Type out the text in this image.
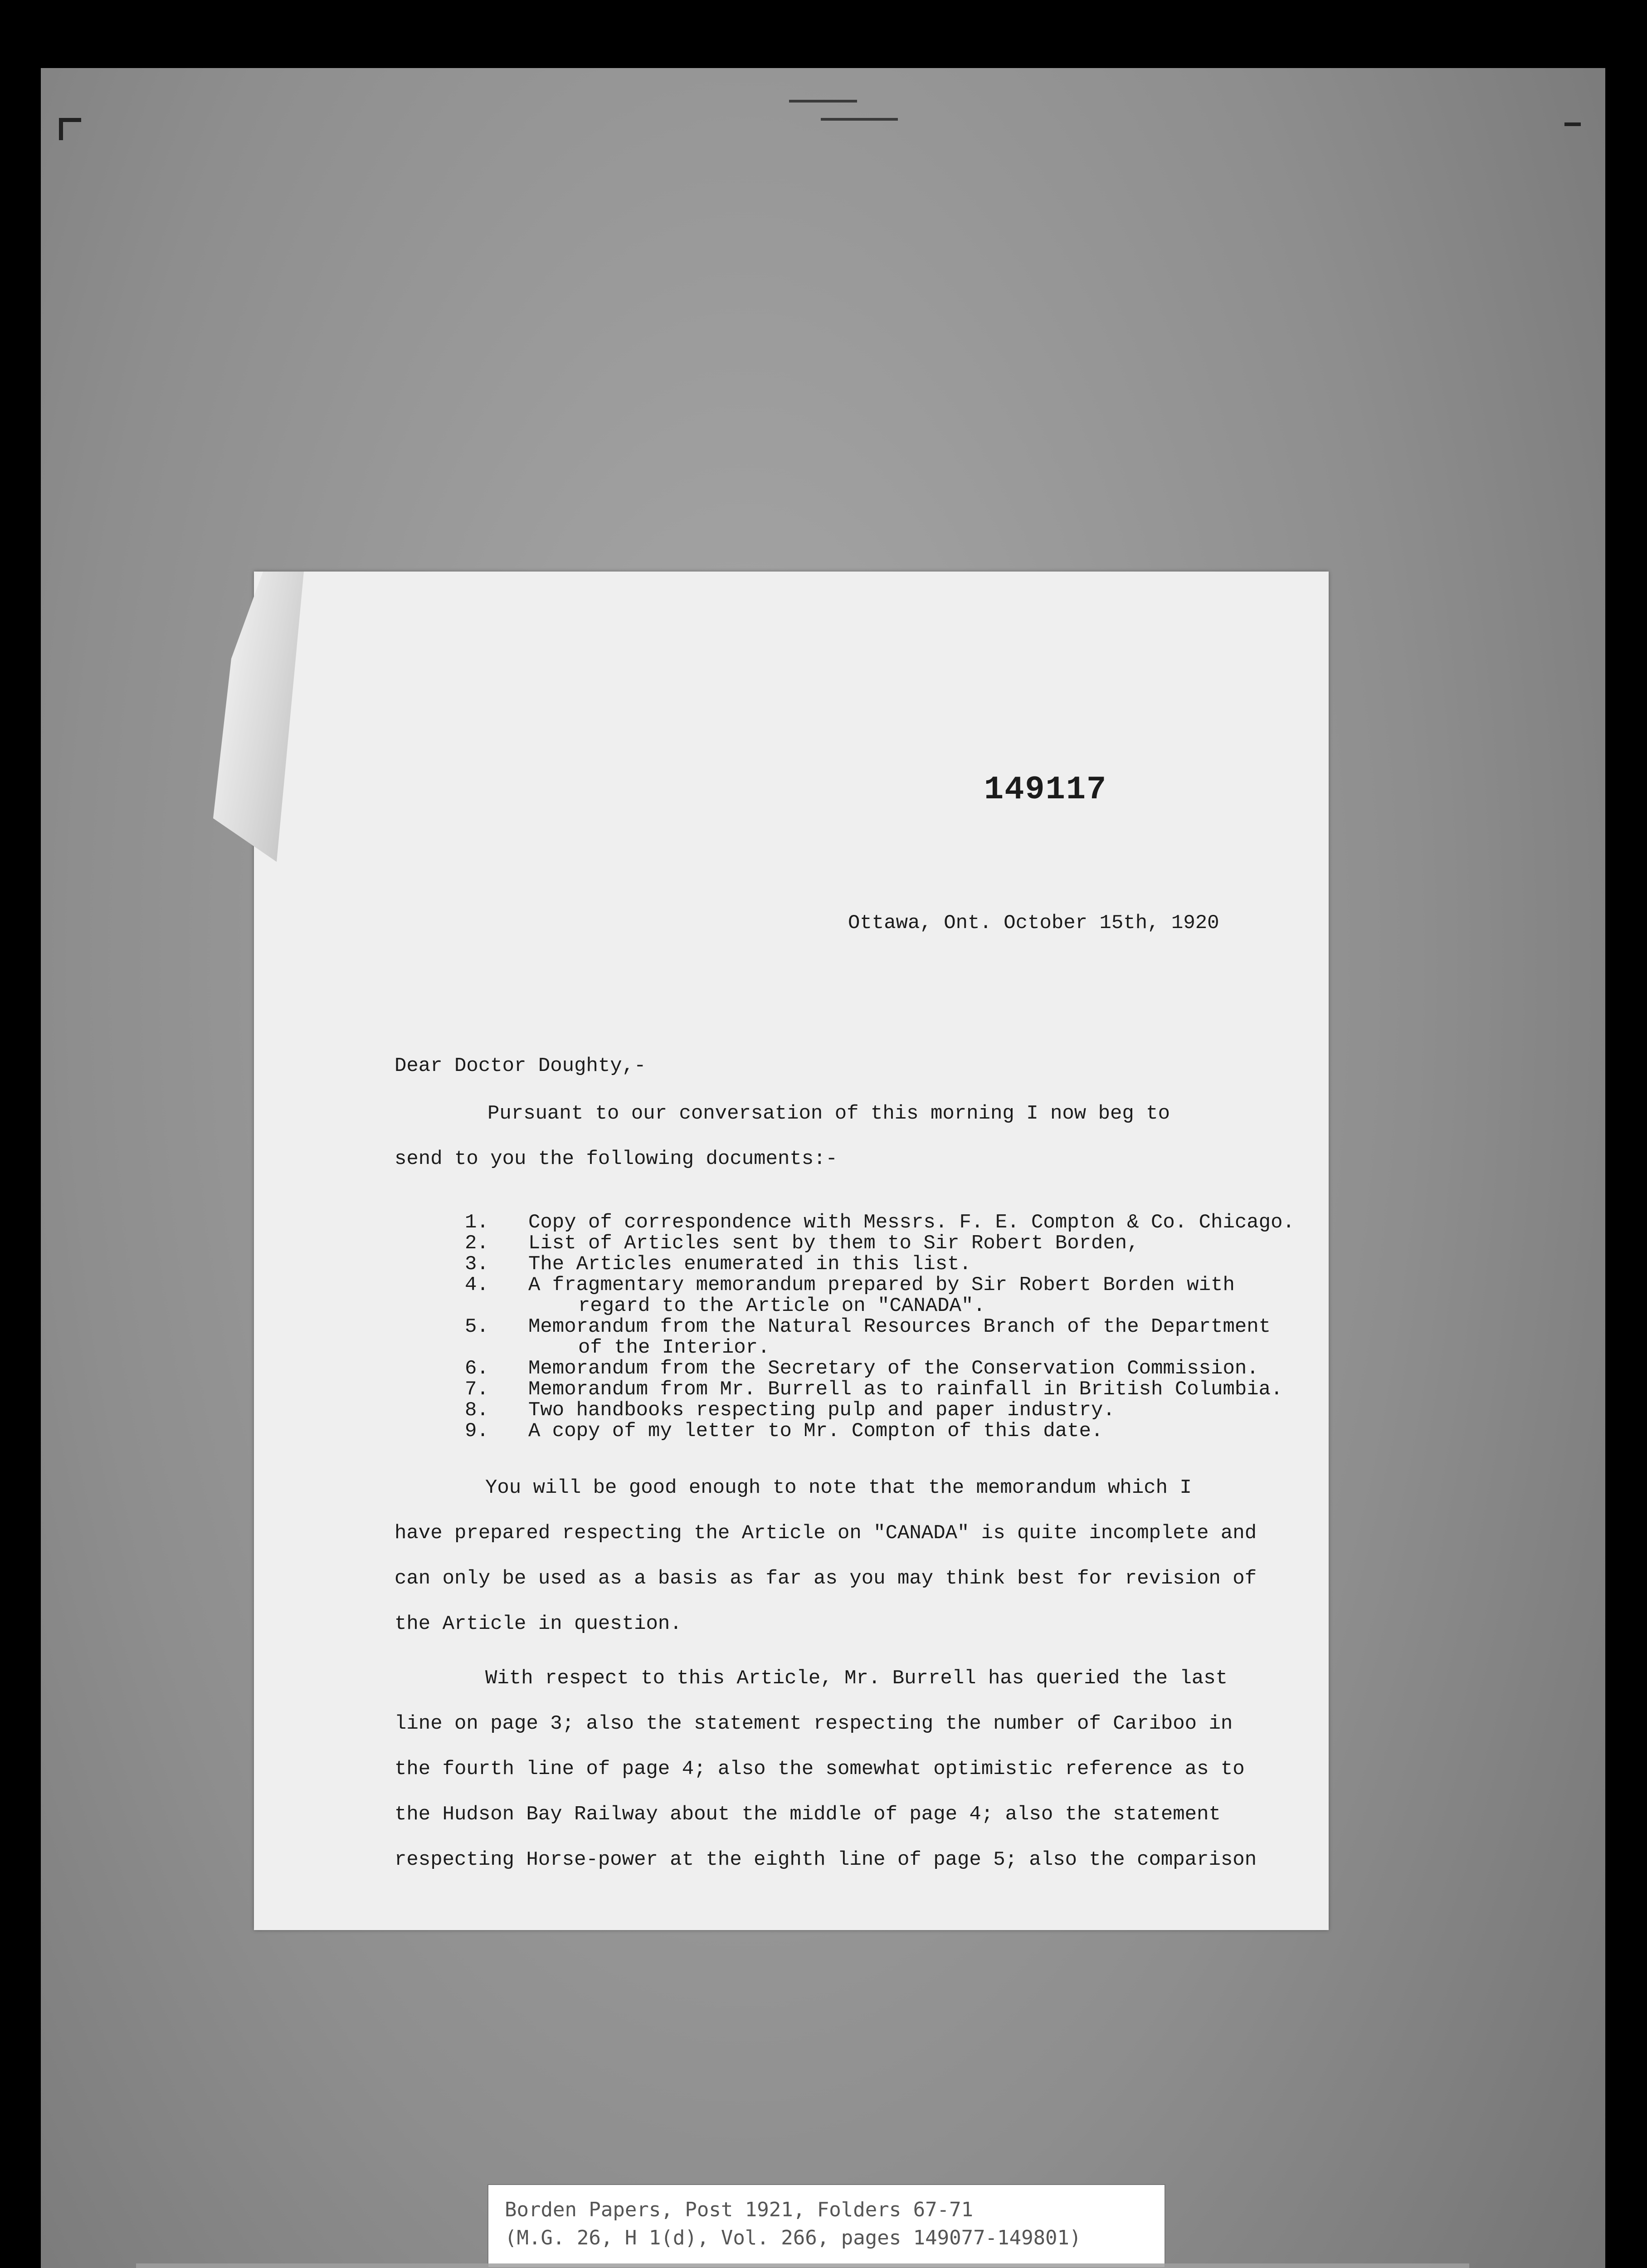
149117
Ottawa, Ont. October 15th, 1920
Dear Doctor Doughty,-
Pursuant to our conversation of this morning I now beg to
send to you the following documents:-
1.	Copy of correspondence with Messrs. F. E. Compton & Co. Chicago.
2.	List of Articles sent by them to Sir Robert Borden,
3.	The Articles enumerated in this list.
4.	A fragmentary memorandum prepared by Sir Robert Borden with
regard to the Article on "CANADA".
5.	Memorandum from the Natural Resources Branch of the Department
of the Interior.
6.	Memorandum from the Secretary of the Conservation Commission.
7.	Memorandum from Mr. Burrell as to rainfall in British Columbia.
8.	Two handbooks respecting pulp and paper industry.
9.	A copy of my letter to Mr. Compton of this date.
You will be good enough to note that the memorandum which I
have prepared respecting the Article on "CANADA" is quite incomplete and
can only be used as a basis as far as you may think best for revision of
the Article in question.
With respect to this Article, Mr. Burrell has queried the last
line on page 3; also the statement respecting the number of Cariboo in
the fourth line of page 4; also the somewhat optimistic reference as to
the Hudson Bay Railway about the middle of page 4; also the statement
respecting Horse-power at the eighth line of page 5; also the comparison
Borden Papers, Post 1921, Folders 67-71
(M.G. 26, H 1(d), Vol. 266, pages 149077-149801)
